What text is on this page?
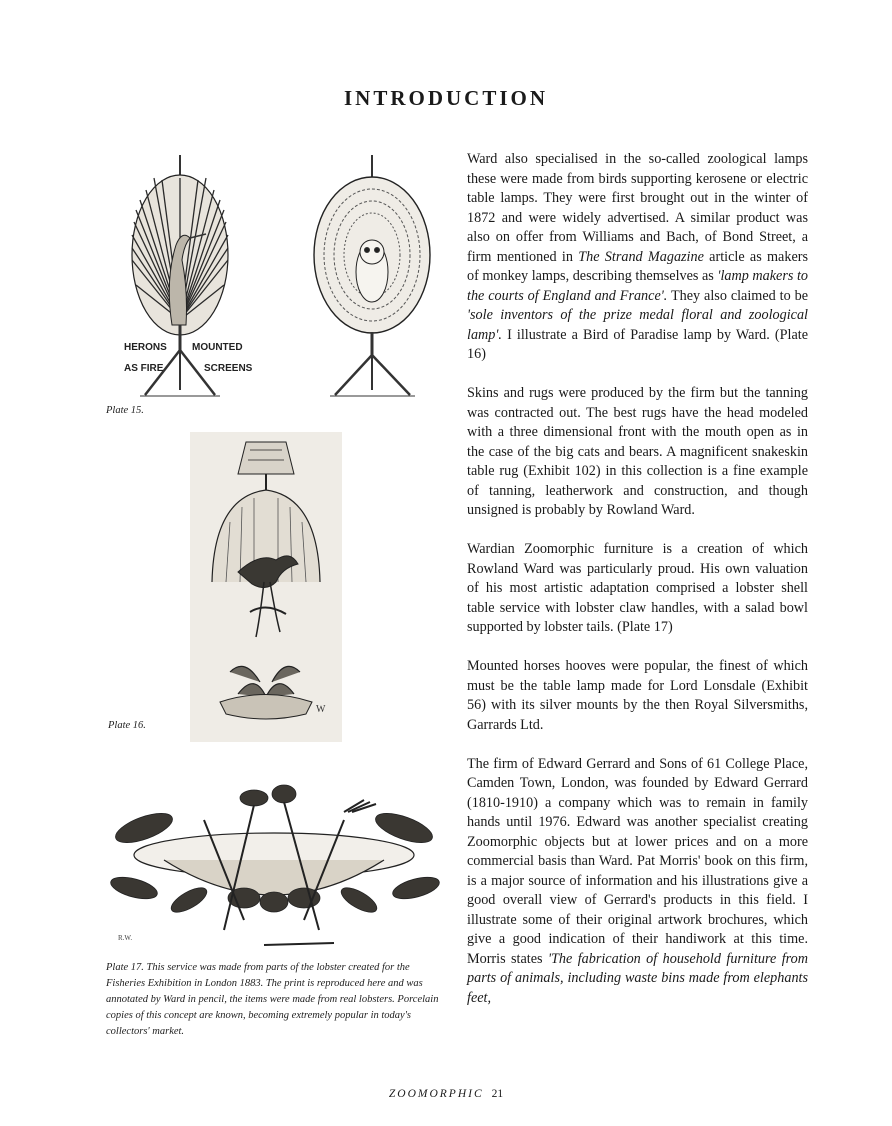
INTRODUCTION
HERONS
AS FIRE
MOUNTED
SCREENS
Plate 15.
W
Plate 16.
R.W.
Plate 17. This service was made from parts of the lobster created for the Fisheries Exhibition in London 1883. The print is reproduced here and was annotated by Ward in pencil, the items were made from real lobsters. Porcelain copies of this concept are known, becoming extremely popular in today's collectors' market.

Ward also specialised in the so-called zoological lamps these were made from birds supporting kerosene or electric table lamps. They were first brought out in the winter of 1872 and were widely advertised. A similar product was also on offer from Williams and Bach, of Bond Street, a firm mentioned in The Strand Magazine article as makers of monkey lamps, describing themselves as 'lamp makers to the courts of England and France'. They also claimed to be 'sole inventors of the prize medal floral and zoological lamp'. I illustrate a Bird of Paradise lamp by Ward. (Plate 16)

Skins and rugs were produced by the firm but the tanning was contracted out. The best rugs have the head modeled with a three dimensional front with the mouth open as in the case of the big cats and bears. A magnificent snakeskin table rug (Exhibit 102) in this collection is a fine example of tanning, leatherwork and construction, and though unsigned is probably by Rowland Ward.

Wardian Zoomorphic furniture is a creation of which Rowland Ward was particularly proud. His own valuation of his most artistic adaptation comprised a lobster shell table service with lobster claw handles, with a salad bowl supported by lobster tails. (Plate 17)

Mounted horses hooves were popular, the finest of which must be the table lamp made for Lord Lonsdale (Exhibit 56) with its silver mounts by the then Royal Silversmiths, Garrards Ltd.

The firm of Edward Gerrard and Sons of 61 College Place, Camden Town, London, was founded by Edward Gerrard (1810-1910) a company which was to remain in family hands until 1976. Edward was another specialist creating Zoomorphic objects but at lower prices and on a more commercial basis than Ward. Pat Morris' book on this firm, is a major source of information and his illustrations give a good overall view of Gerrard's products in this field. I illustrate some of their original artwork brochures, which give a good indication of their handiwork at this time. Morris states 'The fabrication of household furniture from parts of animals, including waste bins made from elephants feet,

ZOOMORPHIC 21
